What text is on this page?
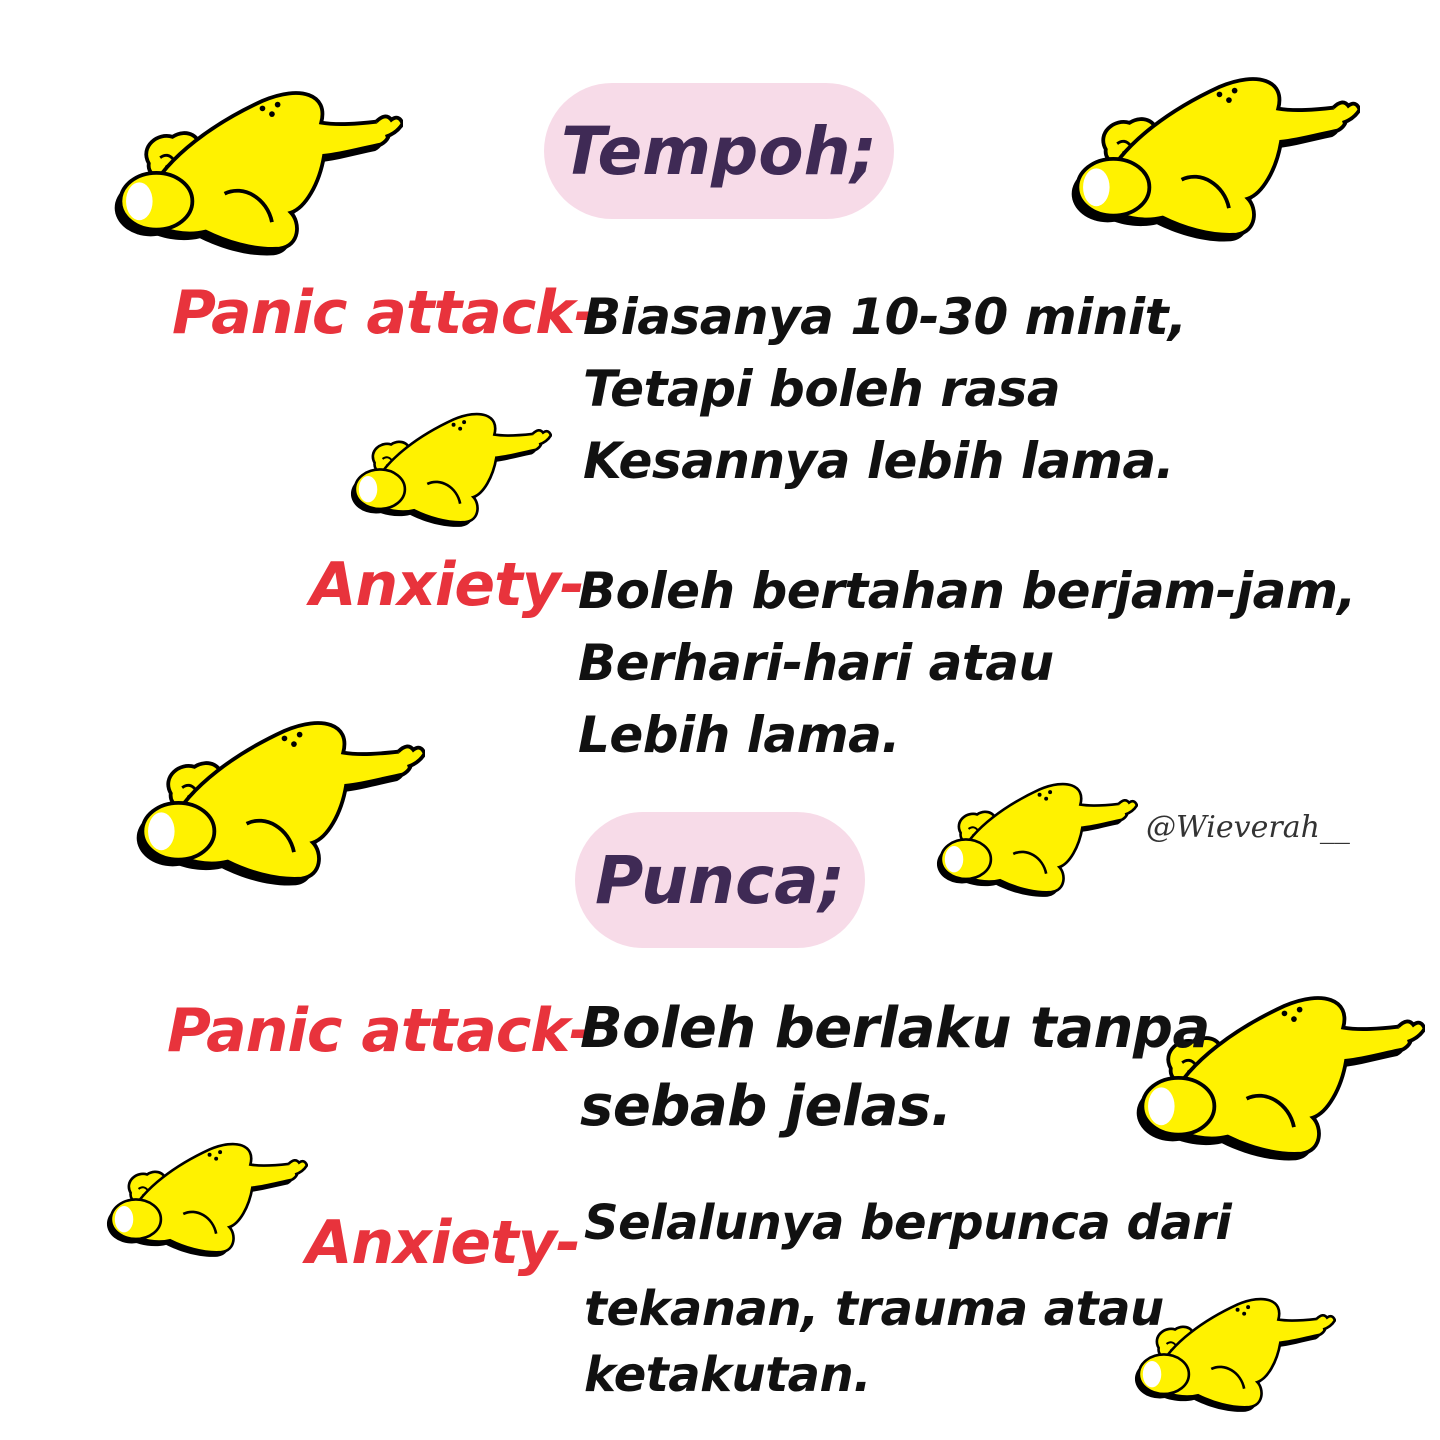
Tempoh;
Panic attack-
Biasanya 10-30 minit,
Tetapi boleh rasa
Kesannya lebih lama.
Anxiety-
Boleh bertahan berjam-jam,
Berhari-hari atau
Lebih lama.
@Wieverah__
Punca;
Panic attack-
Boleh berlaku tanpa
sebab jelas.
Anxiety- Selalunya berpunca dari
tekanan, trauma atau
ketakutan.
